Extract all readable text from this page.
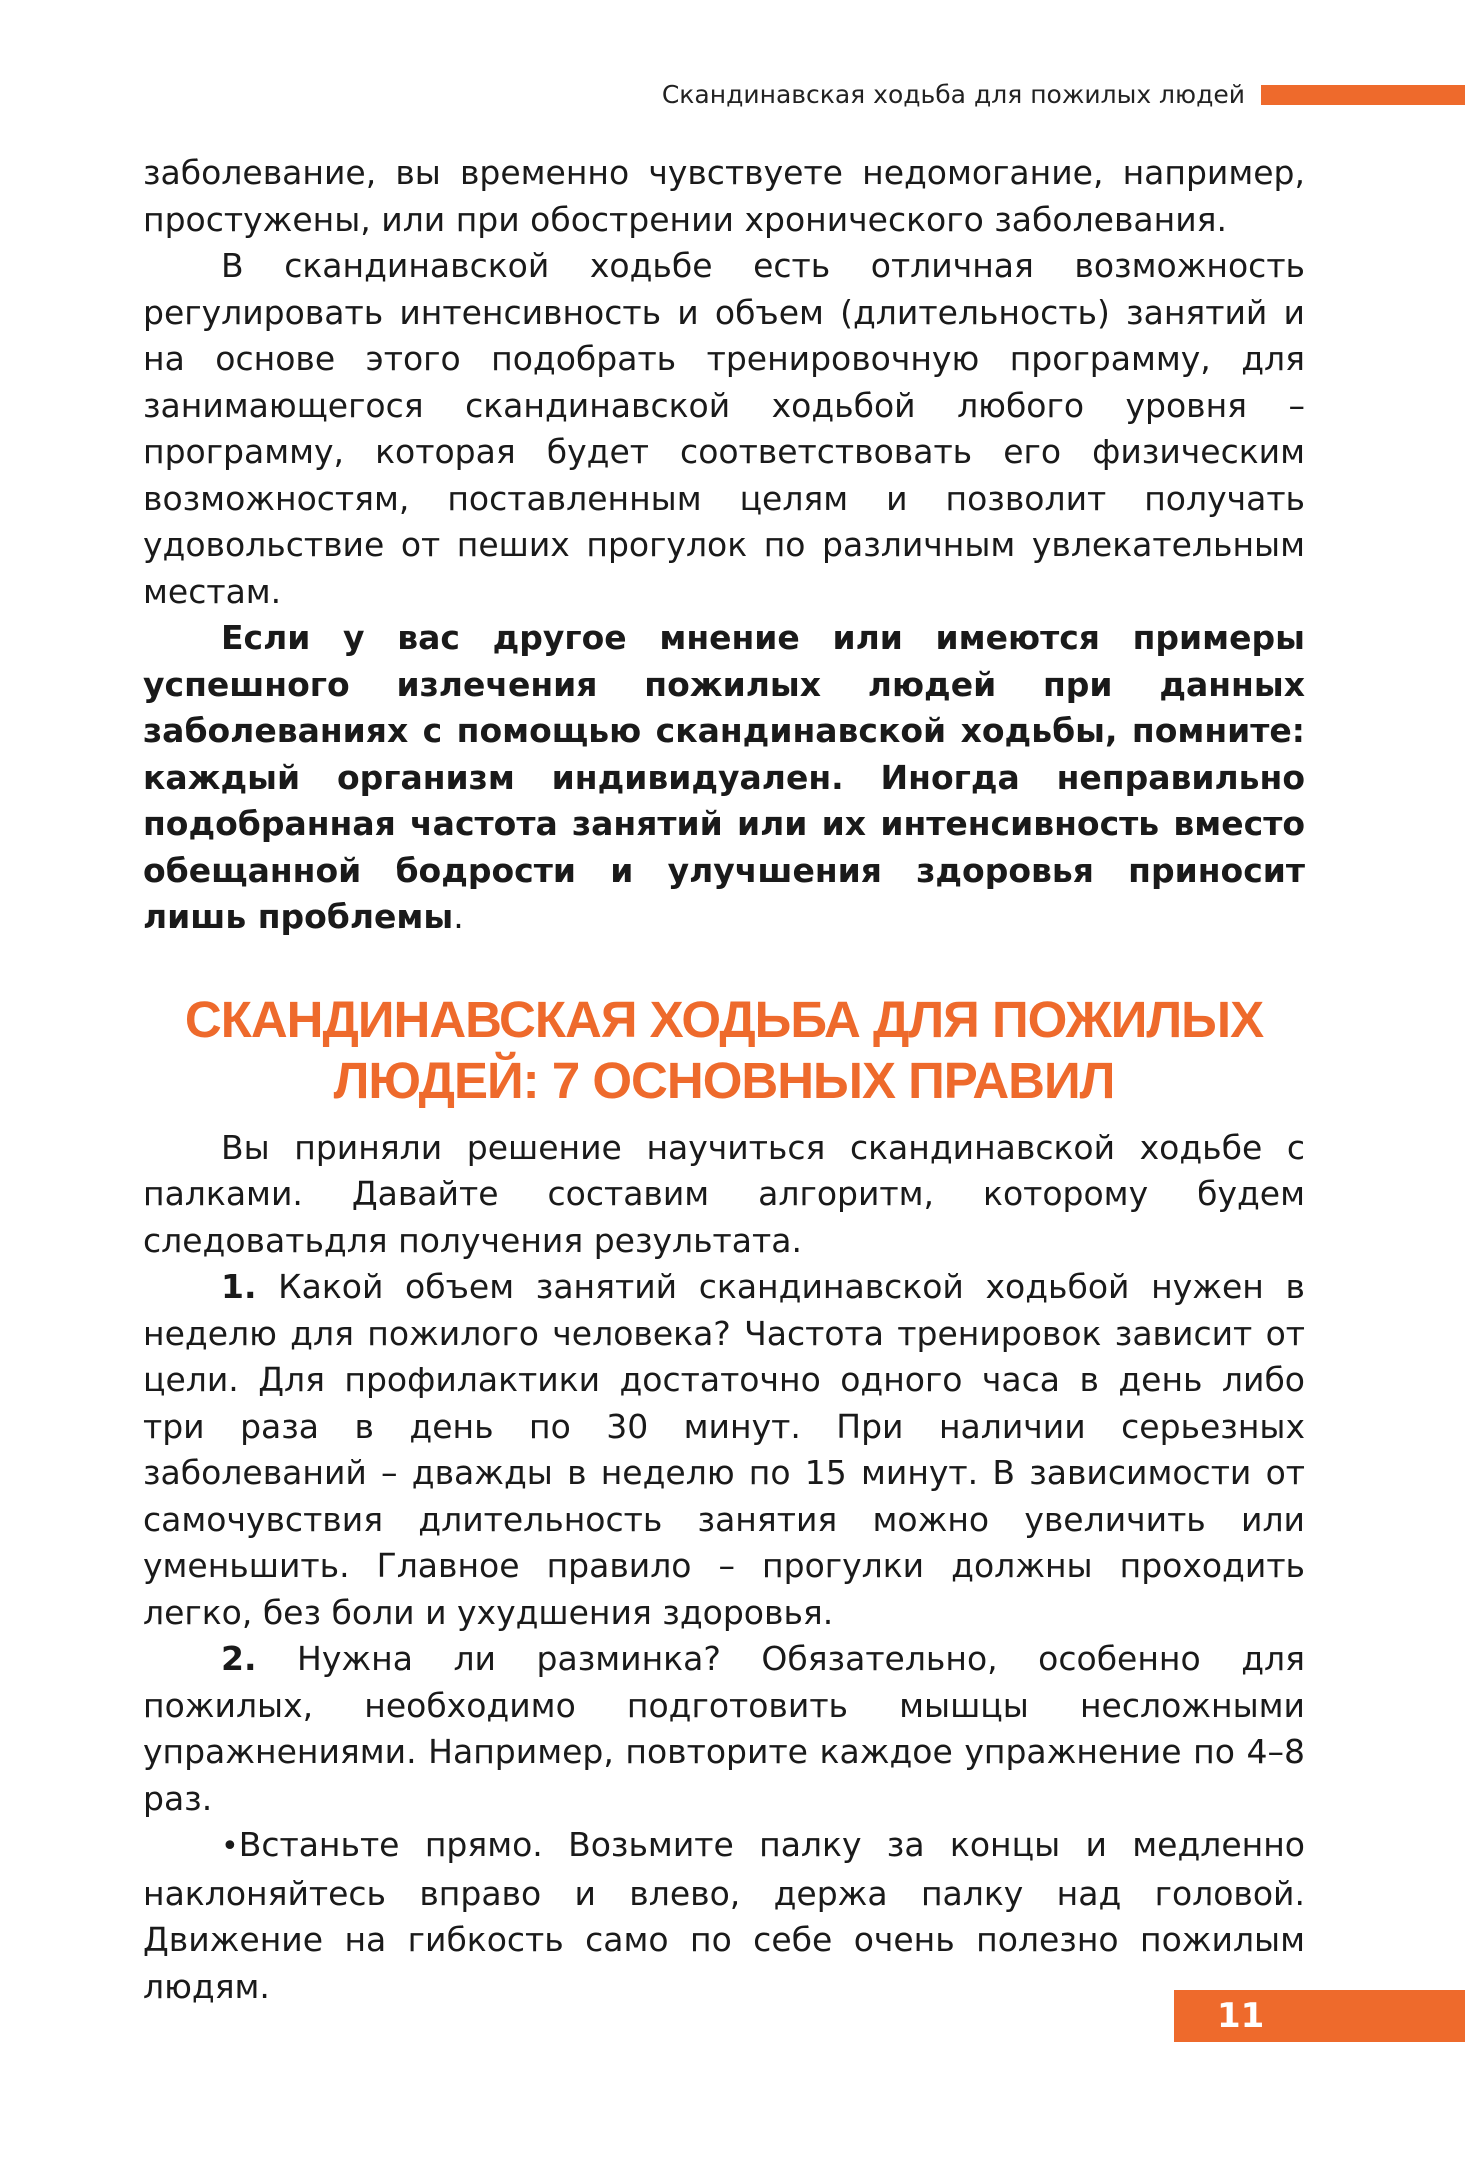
Скандинавская ходьба для пожилых людей

заболевание, вы временно чувствуете недомогание, например, простужены, или при обострении хронического заболевания.

В скандинавской ходьбе есть отличная возможность регулировать интенсивность и объем (длительность) занятий и на основе этого подобрать тренировочную программу, для занимающегося скандинавской ходьбой любого уровня – программу, которая будет соответствовать его физическим возможностям, поставленным целям и позволит получать удовольствие от пеших прогулок по различным увлекательным местам.

Если у вас другое мнение или имеются примеры успешного излечения пожилых людей при данных заболеваниях с помощью скандинавской ходьбы, помните: каждый организм индивидуален. Иногда неправильно подобранная частота занятий или их интенсивность вместо обещанной бодрости и улучшения здоровья приносит лишь проблемы.

СКАНДИНАВСКАЯ ХОДЬБА ДЛЯ ПОЖИЛЫХ
ЛЮДЕЙ: 7 ОСНОВНЫХ ПРАВИЛ

Вы приняли решение научиться скандинавской ходьбе с палками. Давайте составим алгоритм, которому будем следоватьдля получения результата.

1. Какой объем занятий скандинавской ходьбой нужен в неделю для пожилого человека? Частота тренировок зависит от цели. Для профилактики достаточно одного часа в день либо три раза в день по 30 минут. При наличии серьезных заболеваний – дважды в неделю по 15 минут. В зависимости от самочувствия длительность занятия можно увеличить или уменьшить. Главное правило – прогулки должны проходить легко, без боли и ухудшения здоровья.

2. Нужна ли разминка? Обязательно, особенно для пожилых, необходимо подготовить мышцы несложными упражнениями. Например, повторите каждое упражнение по 4–8 раз.

•Встаньте прямо. Возьмите палку за концы и медленно наклоняйтесь вправо и влево, держа палку над головой. Движение на гибкость само по себе очень полезно пожилым людям.

11
